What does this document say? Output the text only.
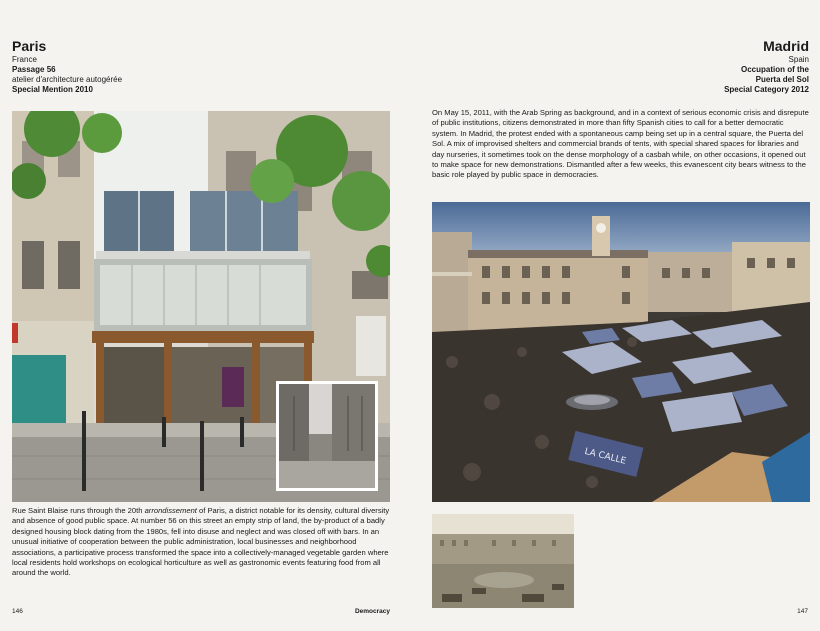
Paris
France
Passage 56
atelier d'architecture autogérée
Special Mention 2010

Rue Saint Blaise runs through the 20th arrondissement of Paris, a district notable for its density, cultural diversity and absence of good public space. At number 56 on this street an empty strip of land, the by-product of a badly designed housing block dating from the 1980s, fell into disuse and neglect and was closed off with bars. In an unusual initiative of cooperation between the public administration, local businesses and neighborhood associations, a participative process transformed the space into a collectively-managed vegetable garden where local residents hold workshops on ecological horticulture as well as gastronomic events featuring food from all around the world.

146	Democracy
Madrid
Spain
Occupation of the
Puerta del Sol
Special Category 2012

On May 15, 2011, with the Arab Spring as background, and in a context of serious economic crisis and disrepute of public institutions, citizens demonstrated in more than fifty Spanish cities to call for a better democratic system. In Madrid, the protest ended with a spontaneous camp being set up in a central square, the Puerta del Sol. A mix of improvised shelters and commercial brands of tents, with special shared spaces for libraries and day nurseries, it sometimes took on the dense morphology of a casbah while, on other occasions, it opened out to make space for new demonstrations. Dismantled after a few weeks, this evanescent city bears witness to the basic role played by public space in democracies.

LA CALLE
147
